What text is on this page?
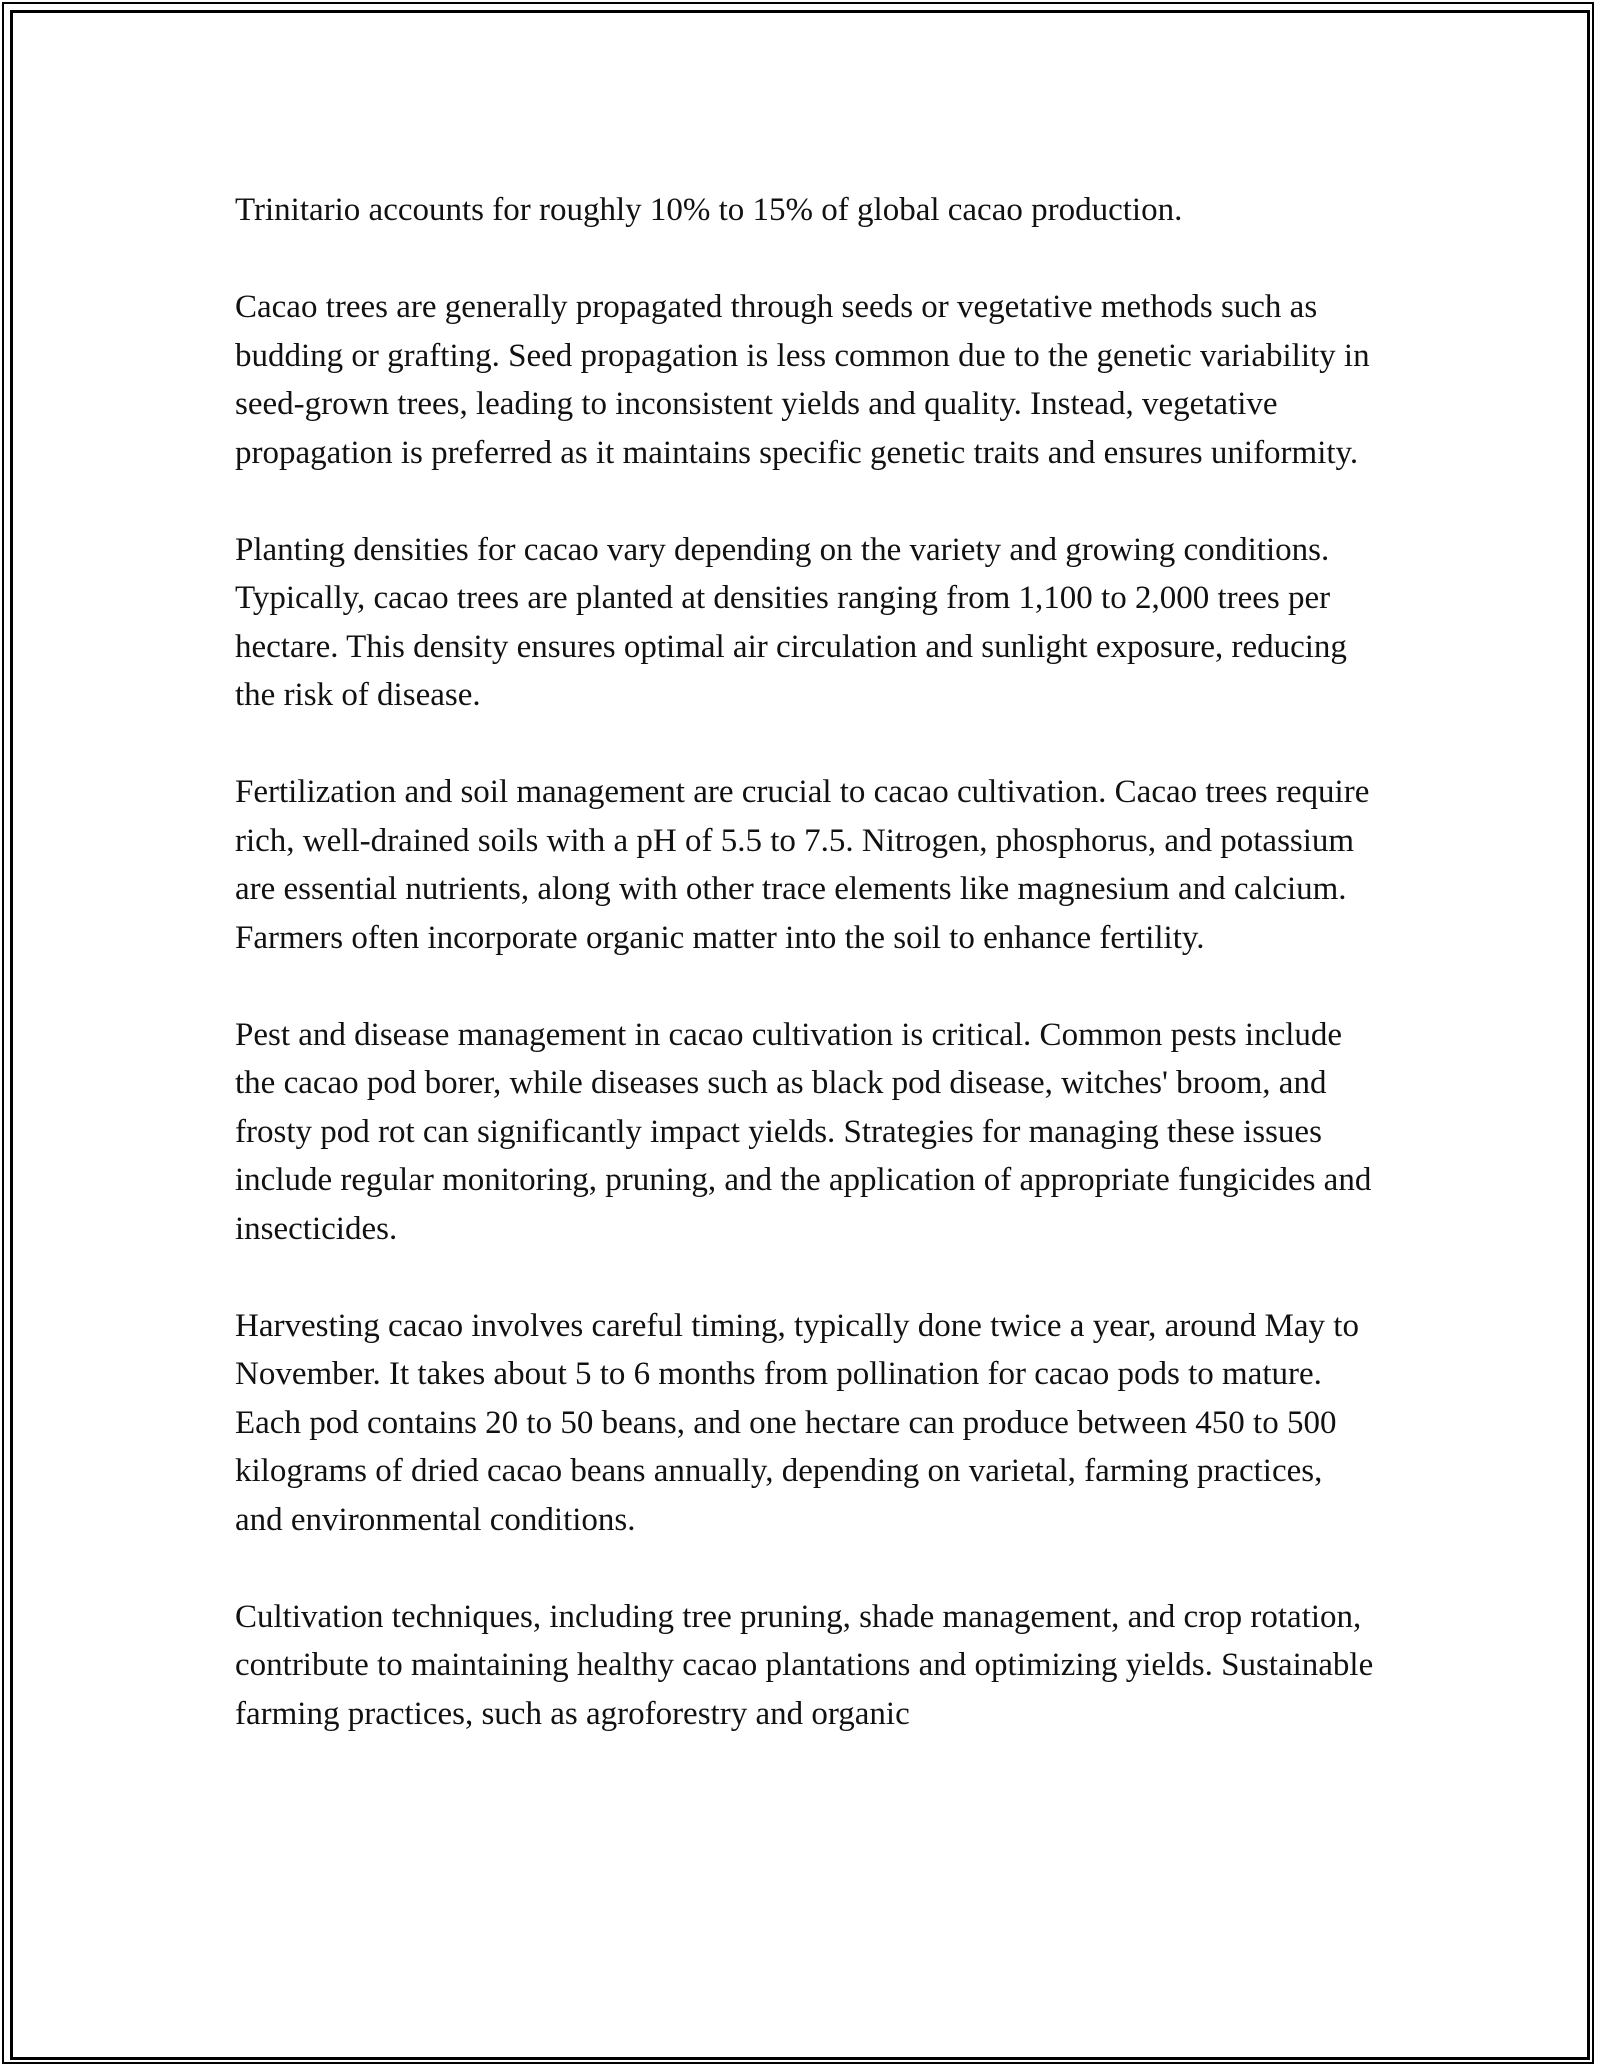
Trinitario accounts for roughly 10% to 15% of global cacao production.

Cacao trees are generally propagated through seeds or vegetative methods such as budding or grafting. Seed propagation is less common due to the genetic variability in seed-grown trees, leading to inconsistent yields and quality. Instead, vegetative propagation is preferred as it maintains specific genetic traits and ensures uniformity.

Planting densities for cacao vary depending on the variety and growing conditions. Typically, cacao trees are planted at densities ranging from 1,100 to 2,000 trees per hectare. This density ensures optimal air circulation and sunlight exposure, reducing the risk of disease.

Fertilization and soil management are crucial to cacao cultivation. Cacao trees require rich, well-drained soils with a pH of 5.5 to 7.5. Nitrogen, phosphorus, and potassium are essential nutrients, along with other trace elements like magnesium and calcium. Farmers often incorporate organic matter into the soil to enhance fertility.

Pest and disease management in cacao cultivation is critical. Common pests include the cacao pod borer, while diseases such as black pod disease, witches' broom, and frosty pod rot can significantly impact yields. Strategies for managing these issues include regular monitoring, pruning, and the application of appropriate fungicides and insecticides.

Harvesting cacao involves careful timing, typically done twice a year, around May to November. It takes about 5 to 6 months from pollination for cacao pods to mature. Each pod contains 20 to 50 beans, and one hectare can produce between 450 to 500 kilograms of dried cacao beans annually, depending on varietal, farming practices, and environmental conditions.

Cultivation techniques, including tree pruning, shade management, and crop rotation, contribute to maintaining healthy cacao plantations and optimizing yields. Sustainable farming practices, such as agroforestry and organic
